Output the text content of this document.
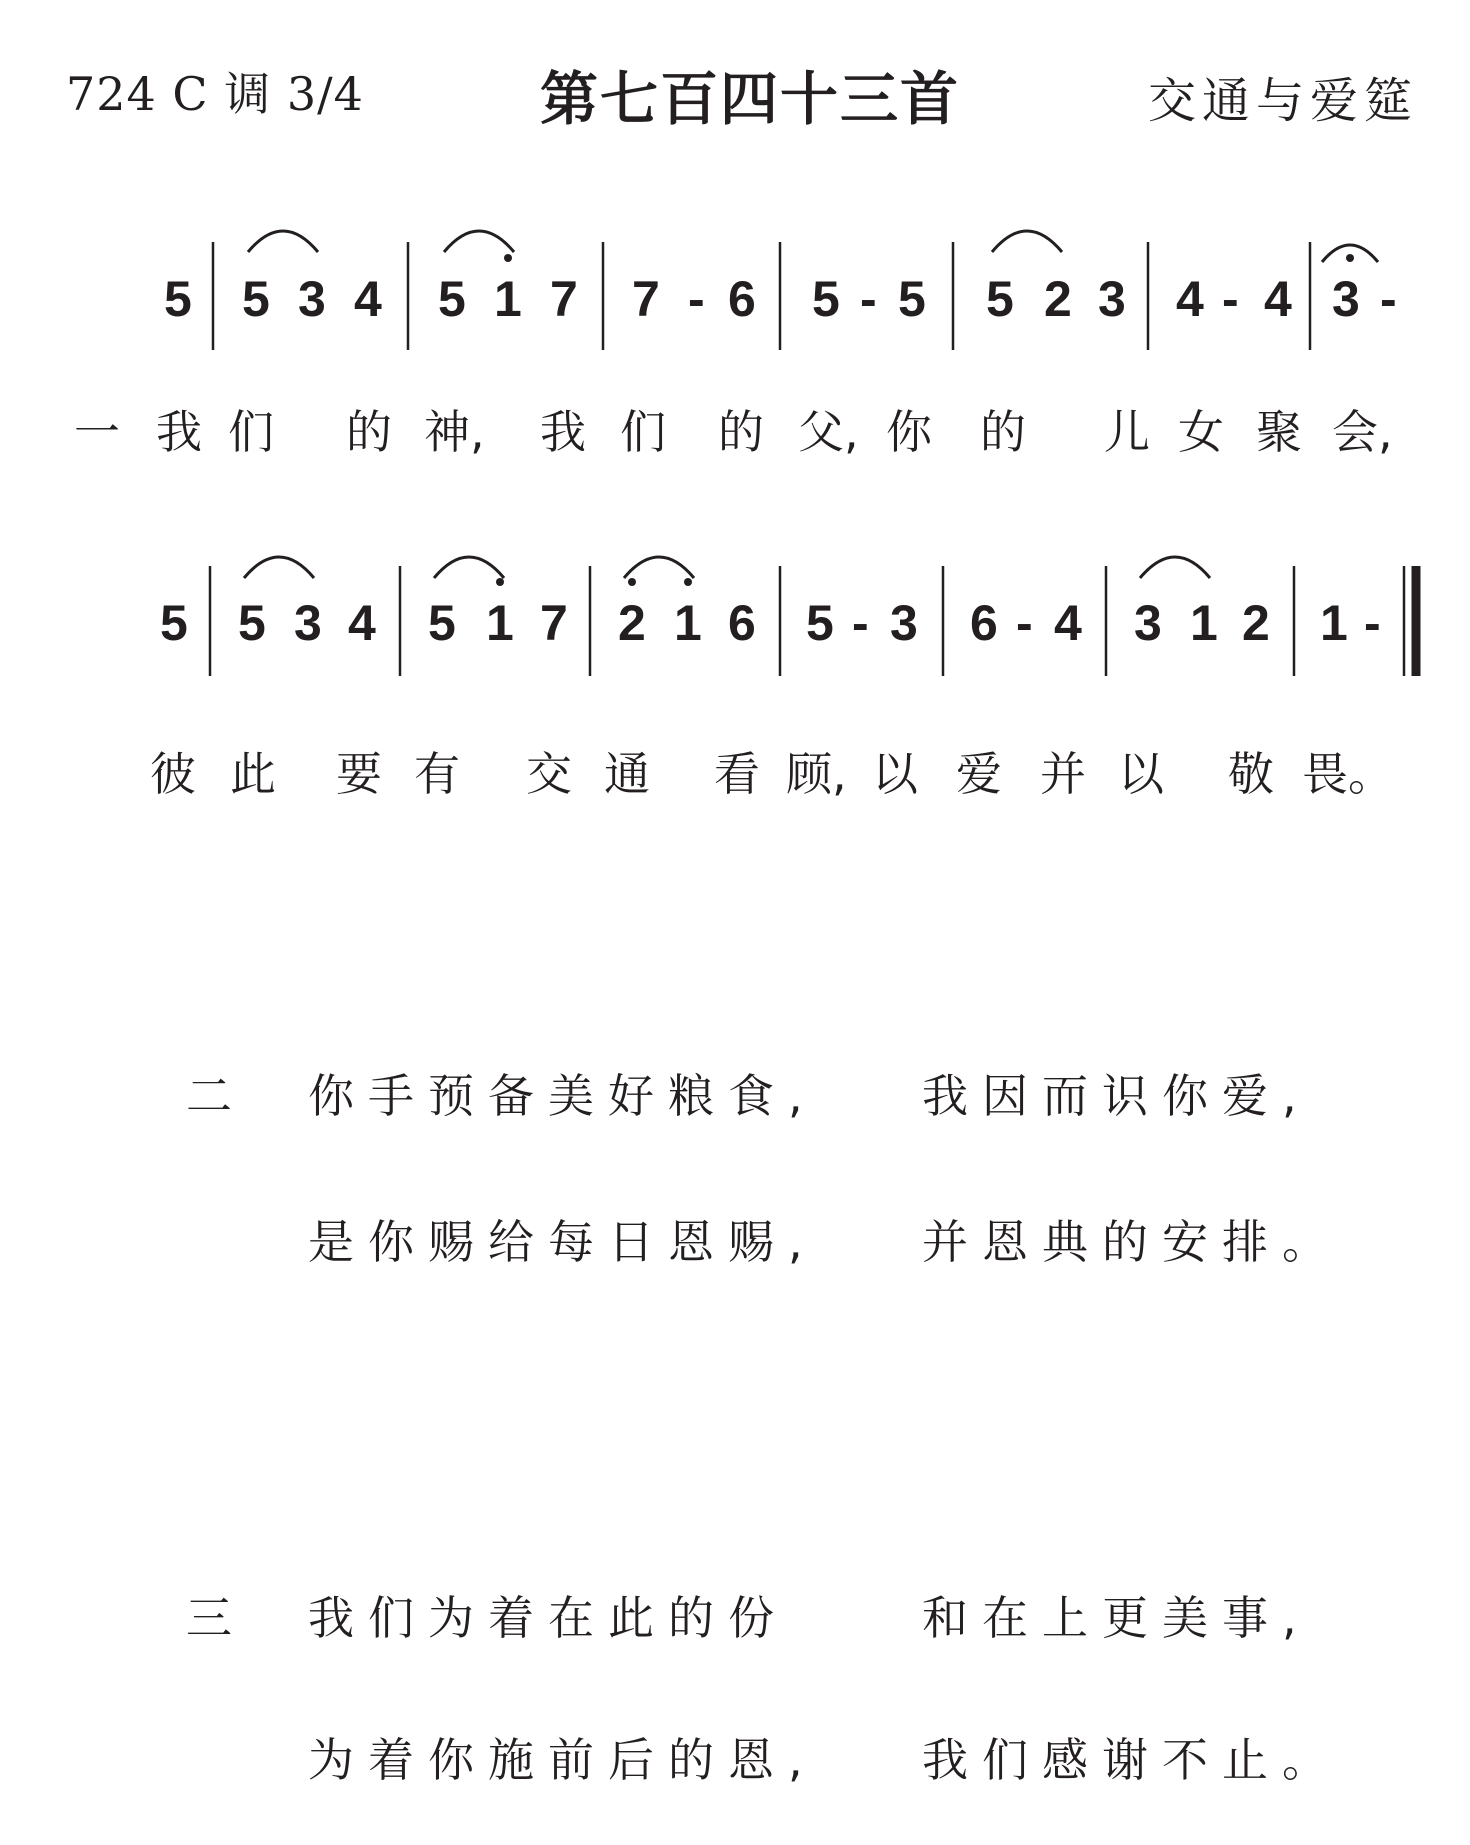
724 C 调 3/4	第七百四十三首	交通与爱筵
5 5 3 4 5 1 7 7 - 6 5 - 5 5 2 3 4 - 4 3 -
一 我 们 的 神, 我 们 的 父, 你 的 儿 女 聚 会,
5 5 3 4 5 1 7 2 1 6 5 - 3 6 - 4 3 1 2 1 -
彼 此 要 有 交 通 看 顾, 以 爱 并 以 敬 畏。
二 你手预备美好粮食, 我因而识你爱,
是你赐给每日恩赐, 并恩典的安排。
三 我们为着在此的份	和在上更美事,
为着你施前后的恩, 我们感谢不止。
